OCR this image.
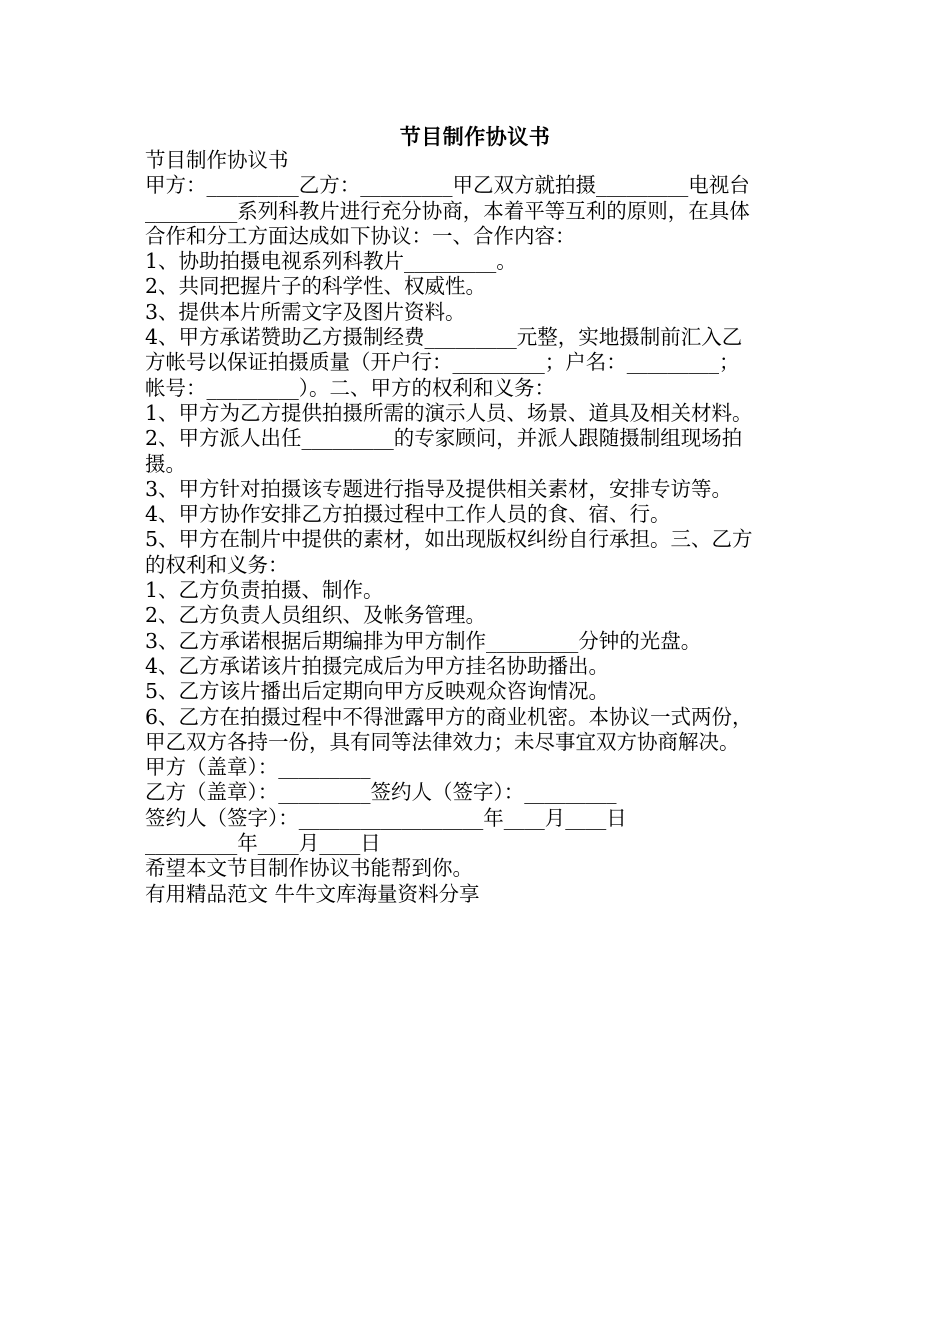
节目制作协议书
节目制作协议书
甲方：_________乙方：_________甲乙双方就拍摄_________电视台
_________系列科教片进行充分协商，本着平等互利的原则，在具体
合作和分工方面达成如下协议：一、合作内容：
1、协助拍摄电视系列科教片_________。
2、共同把握片子的科学性、权威性。
3、提供本片所需文字及图片资料。
4、甲方承诺赞助乙方摄制经费_________元整，实地摄制前汇入乙
方帐号以保证拍摄质量（开户行：_________；户名：_________；
帐号：_________）。二、甲方的权利和义务：
1、甲方为乙方提供拍摄所需的演示人员、场景、道具及相关材料。
2、甲方派人出任_________的专家顾问，并派人跟随摄制组现场拍
摄。
3、甲方针对拍摄该专题进行指导及提供相关素材，安排专访等。
4、甲方协作安排乙方拍摄过程中工作人员的食、宿、行。
5、甲方在制片中提供的素材，如出现版权纠纷自行承担。三、乙方
的权利和义务：
1、乙方负责拍摄、制作。
2、乙方负责人员组织、及帐务管理。
3、乙方承诺根据后期编排为甲方制作_________分钟的光盘。
4、乙方承诺该片拍摄完成后为甲方挂名协助播出。
5、乙方该片播出后定期向甲方反映观众咨询情况。
6、乙方在拍摄过程中不得泄露甲方的商业机密。本协议一式两份，
甲乙双方各持一份，具有同等法律效力；未尽事宜双方协商解决。
甲方（盖章）：_________
乙方（盖章）：_________签约人（签字）：_________
签约人（签字）：__________________年____月____日
_________年____月____日
希望本文节目制作协议书能帮到你。
有用精品范文 牛牛文库海量资料分享
